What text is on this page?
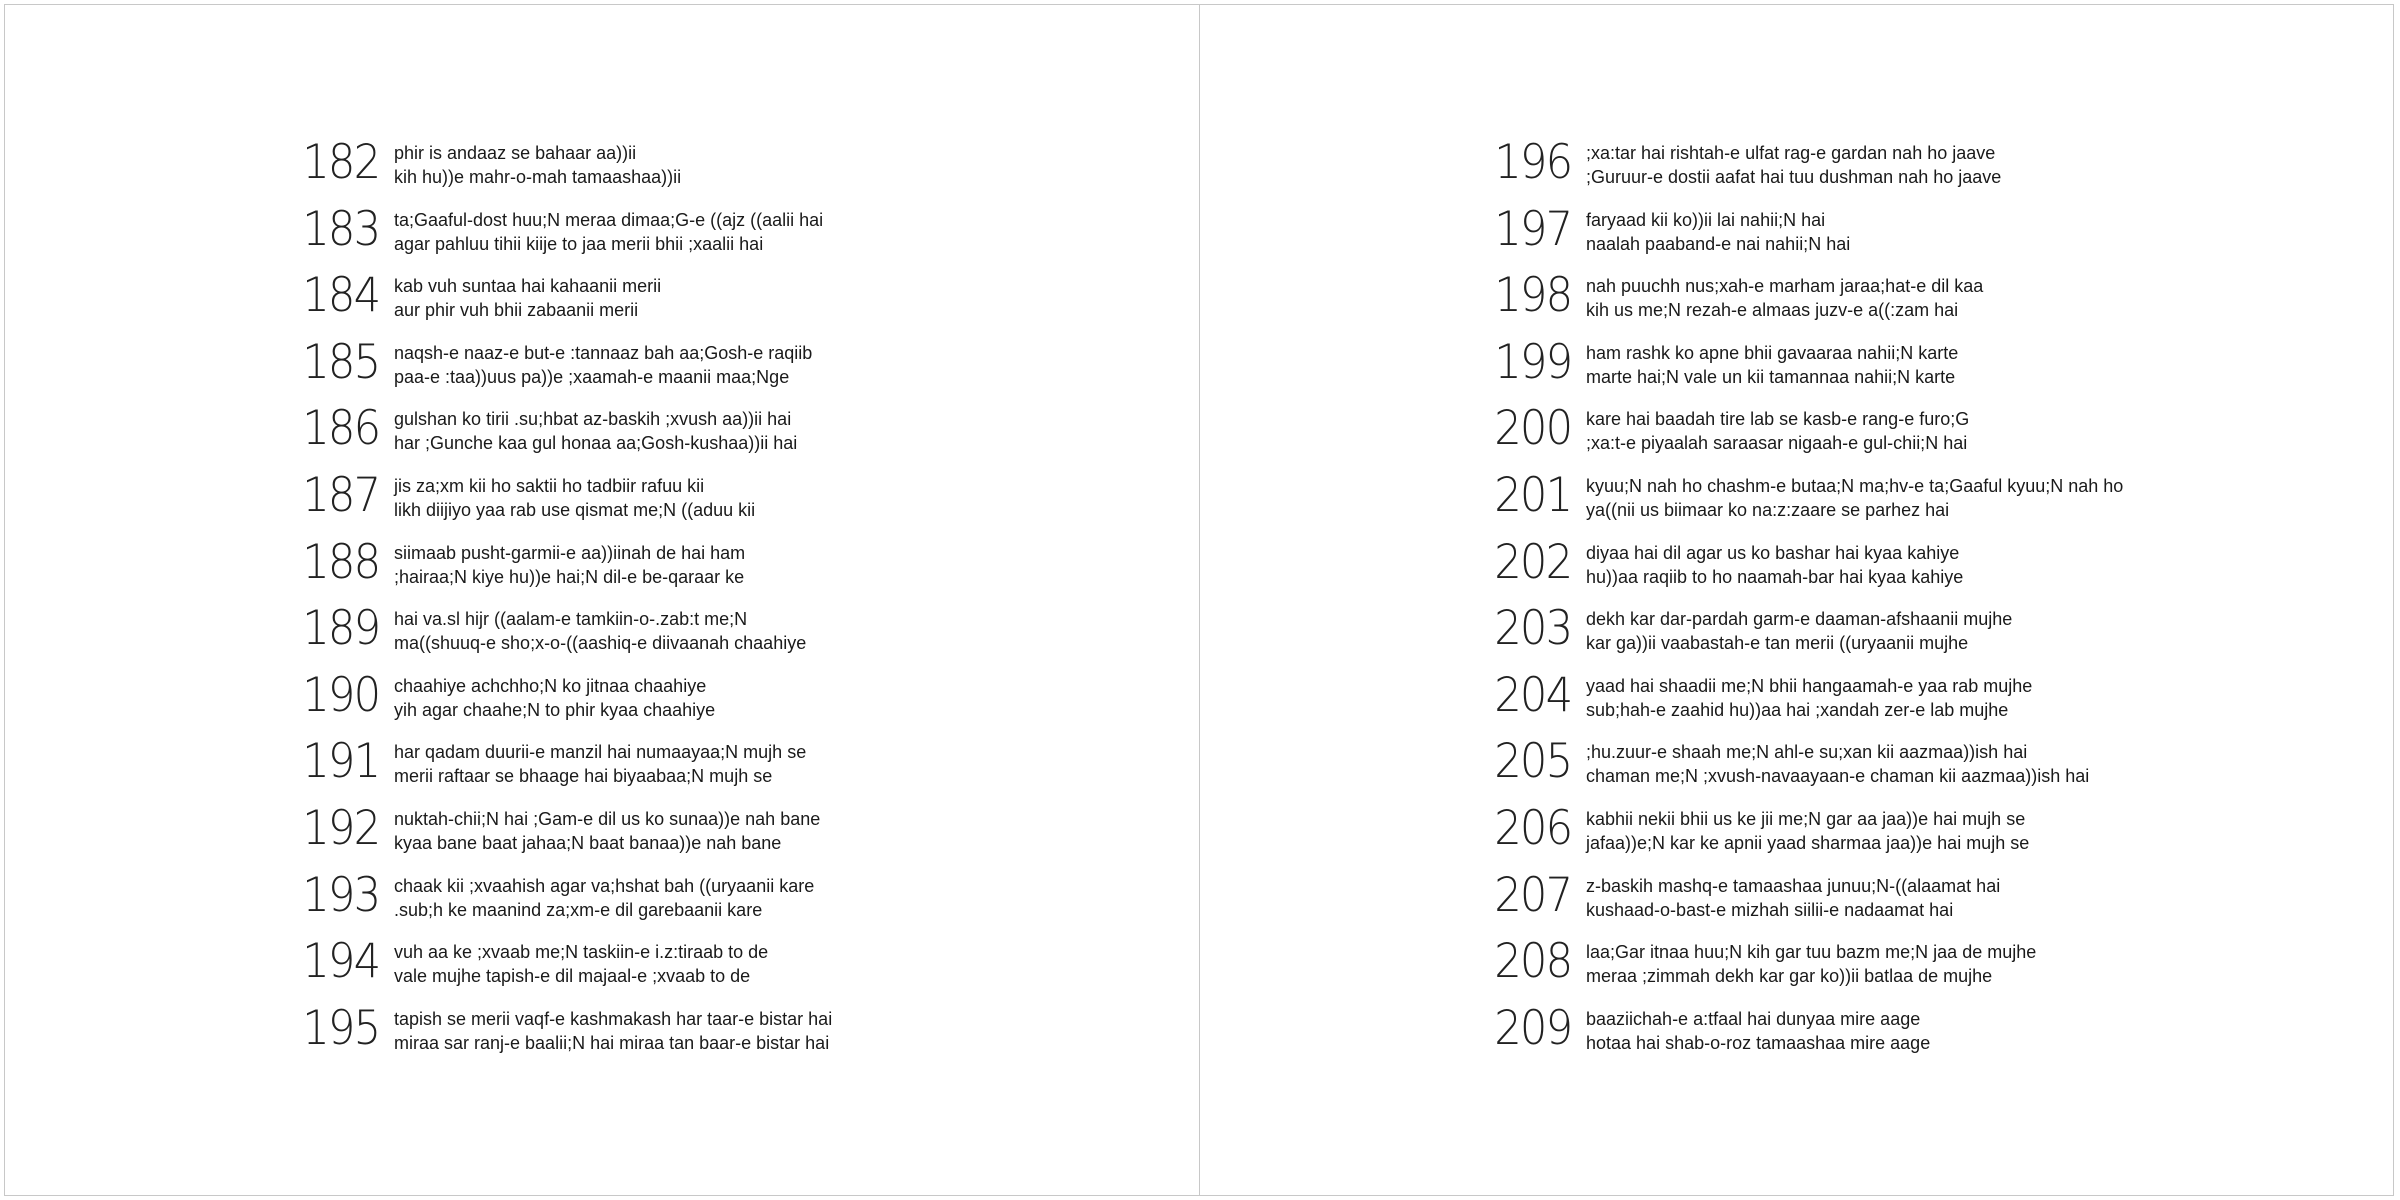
182 phir is andaaz se bahaar aa))ii
kih hu))e mahr-o-mah tamaashaa))ii
183 ta;Gaaful-dost huu;N meraa dimaa;G-e ((ajz ((aalii hai
agar pahluu tihii kiije to jaa merii bhii ;xaalii hai
184 kab vuh suntaa hai kahaanii merii
aur phir vuh bhii zabaanii merii
185 naqsh-e naaz-e but-e :tannaaz bah aa;Gosh-e raqiib
paa-e :taa))uus pa))e ;xaamah-e maanii maa;Nge
186 gulshan ko tirii .su;hbat az-baskih ;xvush aa))ii hai
har ;Gunche kaa gul honaa aa;Gosh-kushaa))ii hai
187 jis za;xm kii ho saktii ho tadbiir rafuu kii
likh diijiyo yaa rab use qismat me;N ((aduu kii
188 siimaab pusht-garmii-e aa))iinah de hai ham
;hairaa;N kiye hu))e hai;N dil-e be-qaraar ke
189 hai va.sl hijr ((aalam-e tamkiin-o-.zab:t me;N
ma((shuuq-e sho;x-o-((aashiq-e diivaanah chaahiye
190 chaahiye achchho;N ko jitnaa chaahiye
yih agar chaahe;N to phir kyaa chaahiye
191 har qadam duurii-e manzil hai numaayaa;N mujh se
merii raftaar se bhaage hai biyaabaa;N mujh se
192 nuktah-chii;N hai ;Gam-e dil us ko sunaa))e nah bane
kyaa bane baat jahaa;N baat banaa))e nah bane
193 chaak kii ;xvaahish agar va;hshat bah ((uryaanii kare
.sub;h ke maanind za;xm-e dil garebaanii kare
194 vuh aa ke ;xvaab me;N taskiin-e i.z:tiraab to de
vale mujhe tapish-e dil majaal-e ;xvaab to de
195 tapish se merii vaqf-e kashmakash har taar-e bistar hai
miraa sar ranj-e baalii;N hai miraa tan baar-e bistar hai
196 ;xa:tar hai rishtah-e ulfat rag-e gardan nah ho jaave
;Guruur-e dostii aafat hai tuu dushman nah ho jaave
197 faryaad kii ko))ii lai nahii;N hai
naalah paaband-e nai nahii;N hai
198 nah puuchh nus;xah-e marham jaraa;hat-e dil kaa
kih us me;N rezah-e almaas juzv-e a((:zam hai
199 ham rashk ko apne bhii gavaaraa nahii;N karte
marte hai;N vale un kii tamannaa nahii;N karte
200 kare hai baadah tire lab se kasb-e rang-e furo;G
;xa:t-e piyaalah saraasar nigaah-e gul-chii;N hai
201 kyuu;N nah ho chashm-e butaa;N ma;hv-e ta;Gaaful kyuu;N nah ho
ya((nii us biimaar ko na:z:zaare se parhez hai
202 diyaa hai dil agar us ko bashar hai kyaa kahiye
hu))aa raqiib to ho naamah-bar hai kyaa kahiye
203 dekh kar dar-pardah garm-e daaman-afshaanii mujhe
kar ga))ii vaabastah-e tan merii ((uryaanii mujhe
204 yaad hai shaadii me;N bhii hangaamah-e yaa rab mujhe
sub;hah-e zaahid hu))aa hai ;xandah zer-e lab mujhe
205 ;hu.zuur-e shaah me;N ahl-e su;xan kii aazmaa))ish hai
chaman me;N ;xvush-navaayaan-e chaman kii aazmaa))ish hai
206 kabhii nekii bhii us ke jii me;N gar aa jaa))e hai mujh se
jafaa))e;N kar ke apnii yaad sharmaa jaa))e hai mujh se
207 z-baskih mashq-e tamaashaa junuu;N-((alaamat hai
kushaad-o-bast-e mizhah siilii-e nadaamat hai
208 laa;Gar itnaa huu;N kih gar tuu bazm me;N jaa de mujhe
meraa ;zimmah dekh kar gar ko))ii batlaa de mujhe
209 baaziichah-e a:tfaal hai dunyaa mire aage
hotaa hai shab-o-roz tamaashaa mire aage
